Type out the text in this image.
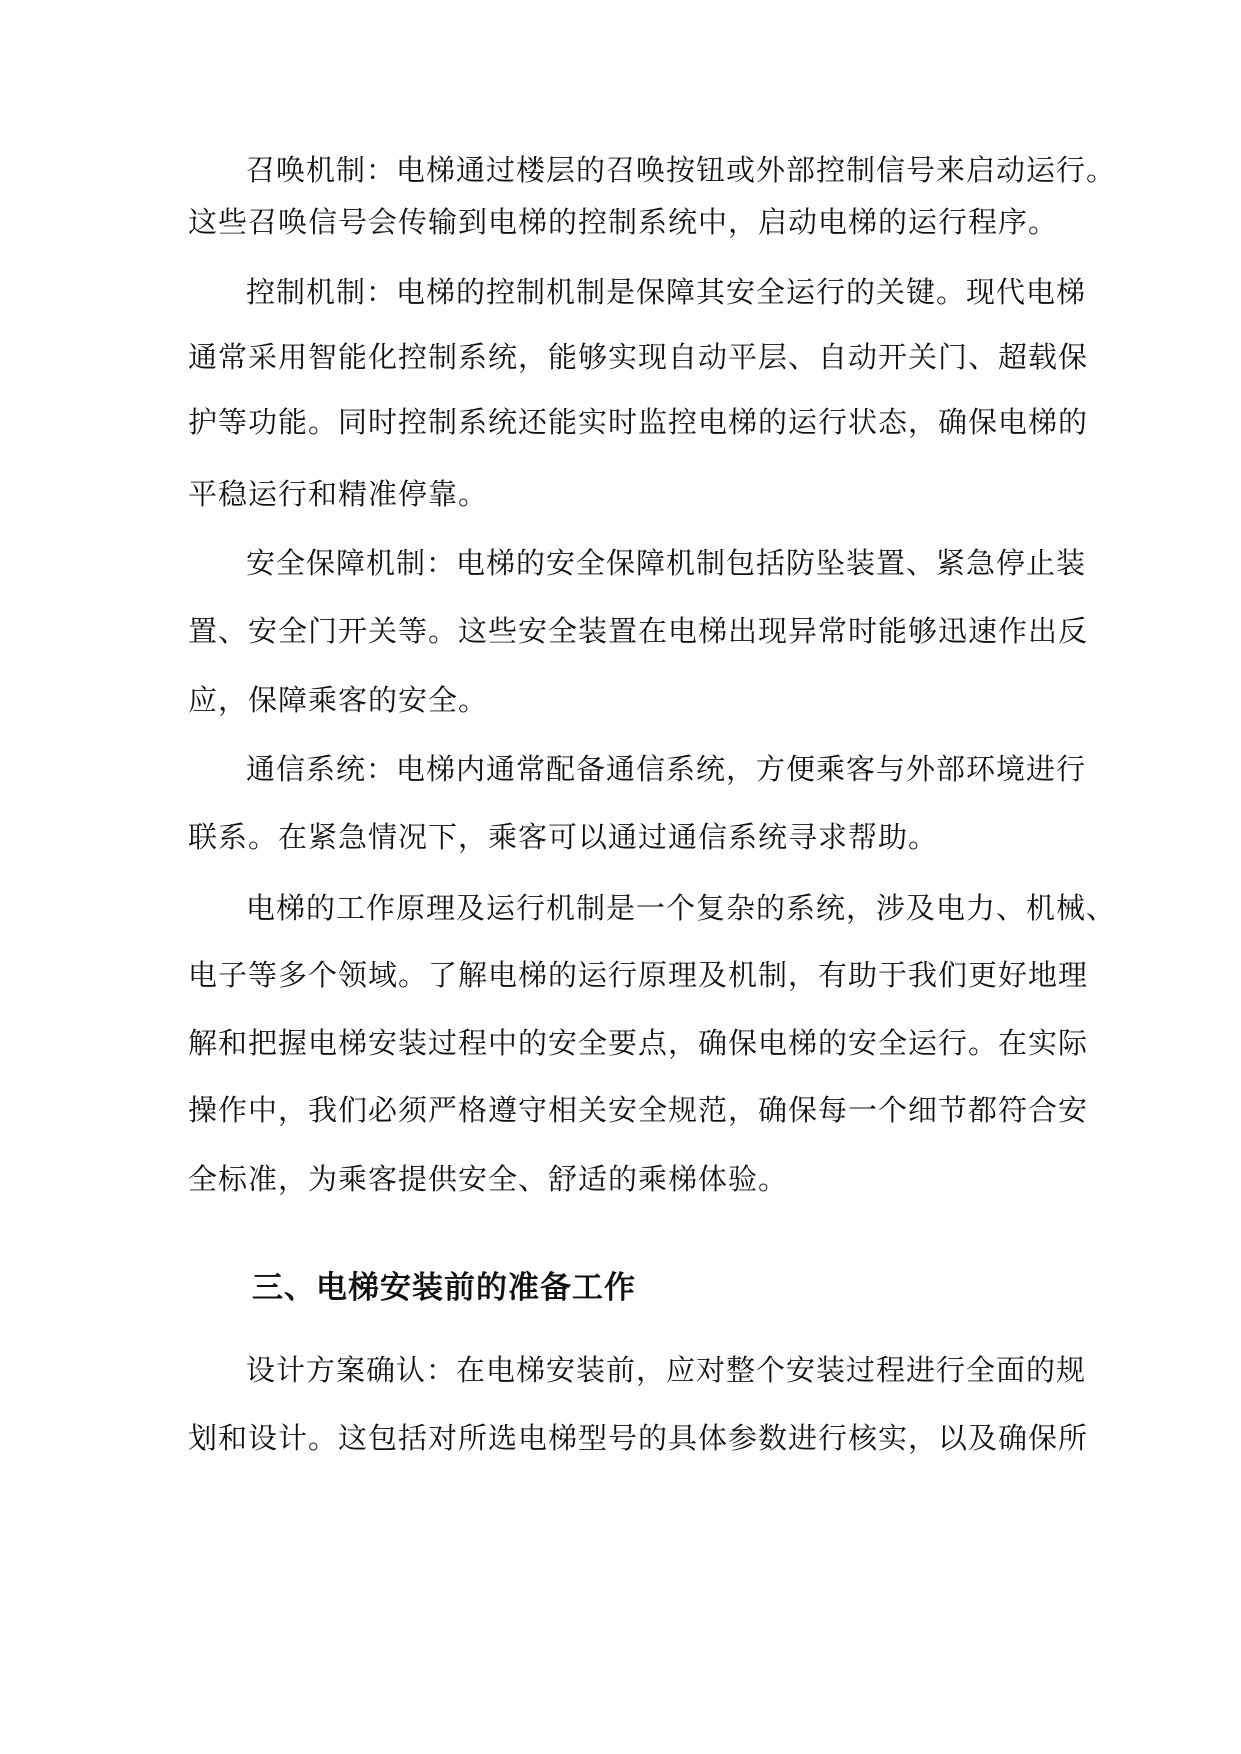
召唤机制：电梯通过楼层的召唤按钮或外部控制信号来启动运行。
这些召唤信号会传输到电梯的控制系统中，启动电梯的运行程序。
控制机制：电梯的控制机制是保障其安全运行的关键。现代电梯
通常采用智能化控制系统，能够实现自动平层、自动开关门、超载保
护等功能。同时控制系统还能实时监控电梯的运行状态，确保电梯的
平稳运行和精准停靠。
安全保障机制：电梯的安全保障机制包括防坠装置、紧急停止装
置、安全门开关等。这些安全装置在电梯出现异常时能够迅速作出反
应，保障乘客的安全。
通信系统：电梯内通常配备通信系统，方便乘客与外部环境进行
联系。在紧急情况下，乘客可以通过通信系统寻求帮助。
电梯的工作原理及运行机制是一个复杂的系统，涉及电力、机械、
电子等多个领域。了解电梯的运行原理及机制，有助于我们更好地理
解和把握电梯安装过程中的安全要点，确保电梯的安全运行。在实际
操作中，我们必须严格遵守相关安全规范，确保每一个细节都符合安
全标准，为乘客提供安全、舒适的乘梯体验。
三、电梯安装前的准备工作
设计方案确认：在电梯安装前，应对整个安装过程进行全面的规
划和设计。这包括对所选电梯型号的具体参数进行核实，以及确保所
